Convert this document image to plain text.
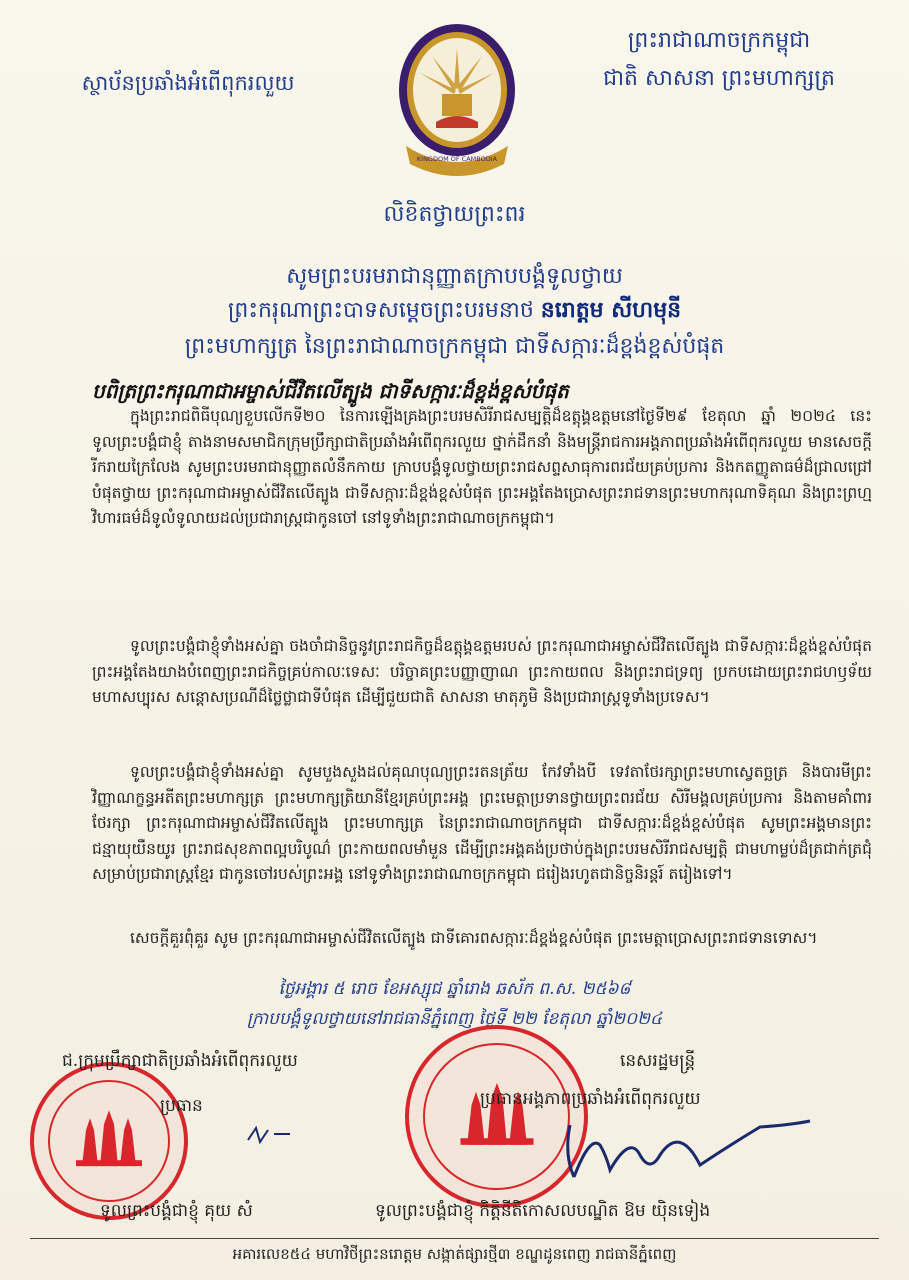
ស្ថាប័នប្រឆាំងអំពើពុករលួយ
ព្រះរាជាណាចក្រកម្ពុជា
ជាតិ សាសនា ព្រះមហាក្សត្រ
KINGDOM OF CAMBODIA
លិខិតថ្វាយព្រះពរ
សូមព្រះបរមរាជានុញ្ញាតក្រាបបង្គំទូលថ្វាយ
ព្រះករុណាព្រះបាទសម្តេចព្រះបរមនាថ នរោត្តម សីហមុនី
ព្រះមហាក្សត្រ នៃព្រះរាជាណាចក្រកម្ពុជា ជាទីសក្ការៈដ៏ខ្ពង់ខ្ពស់បំផុត
បពិត្រព្រះករុណាជាអម្ចាស់ជីវិតលើត្បូង ជាទីសក្ការៈដ៏ខ្ពង់ខ្ពស់បំផុត

ក្នុងព្រះរាជពិធីបុណ្យខួបលើកទី២០ នៃការឡើងគ្រងព្រះបរមសិរីរាជសម្បត្តិដ៏ឧត្តុង្គឧត្តមនៅថ្ងៃទី២៩ ខែតុលា ឆ្នាំ ២០២៤ នេះ ទូលព្រះបង្គំជាខ្ញុំ តាងនាមសមាជិកក្រុមប្រឹក្សាជាតិប្រឆាំងអំពើពុករលួយ ថ្នាក់ដឹកនាំ និងមន្ត្រីរាជការអង្គភាពប្រឆាំងអំពើពុករលួយ មានសេចក្តីរីករាយក្រៃលែង សូមព្រះបរមរាជានុញ្ញាតលំនឹកកាយ ក្រាបបង្គំទូលថ្វាយព្រះរាជសព្ទសាធុការពរជ័យគ្រប់ប្រការ និងកតញ្ញូតាធម៌ដ៏ជ្រាលជ្រៅបំផុតថ្វាយ ព្រះករុណាជាអម្ចាស់ជីវិតលើត្បូង ជាទីសក្ការៈដ៏ខ្ពង់ខ្ពស់បំផុត ព្រះអង្គតែងប្រោសព្រះរាជទានព្រះមហាករុណាទិគុណ និងព្រះព្រហ្មវិហារធម៌ដ៏ទូលំទូលាយដល់ប្រជារាស្ត្រជាកូនចៅ នៅទូទាំងព្រះរាជាណាចក្រកម្ពុជា។

ទូលព្រះបង្គំជាខ្ញុំទាំងអស់គ្នា ចងចាំជានិច្ចនូវព្រះរាជកិច្ចដ៏ឧត្តុង្គឧត្តមរបស់ ព្រះករុណាជាអម្ចាស់ជីវិតលើត្បូង ជាទីសក្ការៈដ៏ខ្ពង់ខ្ពស់បំផុត ព្រះអង្គតែងយាងបំពេញព្រះរាជកិច្ចគ្រប់កាលៈទេសៈ បរិច្ចាគព្រះបញ្ញាញាណ ព្រះកាយពល និងព្រះរាជទ្រព្យ ប្រកបដោយព្រះរាជហឫទ័យមហាសប្បុរស សន្តោសប្រណីដ៏ថ្លៃថ្លាជាទីបំផុត ដើម្បីជួយជាតិ សាសនា មាតុភូមិ និងប្រជារាស្ត្រទូទាំងប្រទេស។

ទូលព្រះបង្គំជាខ្ញុំទាំងអស់គ្នា សូមបួងសួងដល់គុណបុណ្យព្រះរតនត្រ័យ កែវទាំងបី ទេវតាថែរក្សាព្រះមហាស្វេតច្ឆត្រ និងបារមីព្រះវិញ្ញាណក្ខន្ធអតីតព្រះមហាក្សត្រ ព្រះមហាក្សត្រិយានីខ្មែរគ្រប់ព្រះអង្គ ព្រះមេត្តាប្រទានថ្វាយព្រះពរជ័យ សិរីមង្គលគ្រប់ប្រការ និងតាមគាំពារថែរក្សា ព្រះករុណាជាអម្ចាស់ជីវិតលើត្បូង ព្រះមហាក្សត្រ នៃព្រះរាជាណាចក្រកម្ពុជា ជាទីសក្ការៈដ៏ខ្ពង់ខ្ពស់បំផុត សូមព្រះអង្គមានព្រះជន្មាយុយឺនយូរ ព្រះរាជសុខភាពល្អបរិបូណ៌ ព្រះកាយពលមាំមួន ដើម្បីព្រះអង្គគង់ប្រថាប់ក្នុងព្រះបរមសិរីរាជសម្បត្តិ ជាមហាម្លប់ដ៏ត្រជាក់ត្រជុំសម្រាប់ប្រជារាស្ត្រខ្មែរ ជាកូនចៅរបស់ព្រះអង្គ នៅទូទាំងព្រះរាជាណាចក្រកម្ពុជា ជរៀងរហូតជានិច្ចនិរន្តរ៍ តរៀងទៅ។

សេចក្តីគួរពុំគួរ សូម ព្រះករុណាជាអម្ចាស់ជីវិតលើត្បូង ជាទីគោរពសក្ការៈដ៏ខ្ពង់ខ្ពស់បំផុត ព្រះមេត្តាប្រោសព្រះរាជទានទោស។

ថ្ងៃអង្គារ ៥ រោច ខែអស្សុជ ឆ្នាំរោង ឆស័ក ព.ស. ២៥៦៨
ក្រាបបង្គំទូលថ្វាយនៅរាជធានីភ្នំពេញ ថ្ងៃទី ២២ ខែតុលា ឆ្នាំ២០២៤
ជ.ក្រុមប្រឹក្សាជាតិប្រឆាំងអំពើពុករលួយ
ប្រធាន
ទូលព្រះបង្គំជាខ្ញុំ គុយ សំ
នេសរដ្ឋមន្ត្រី
ប្រធានអង្គភាពប្រឆាំងអំពើពុករលួយ
ទូលព្រះបង្គំជាខ្ញុំ កិត្តិនីតិកោសលបណ្ឌិត ឱម យ៉ិនទៀង
អគារលេខ៥៤ មហាវិថីព្រះនរោត្តម សង្កាត់ផ្សារថ្មី៣ ខណ្ឌដូនពេញ រាជធានីភ្នំពេញ
